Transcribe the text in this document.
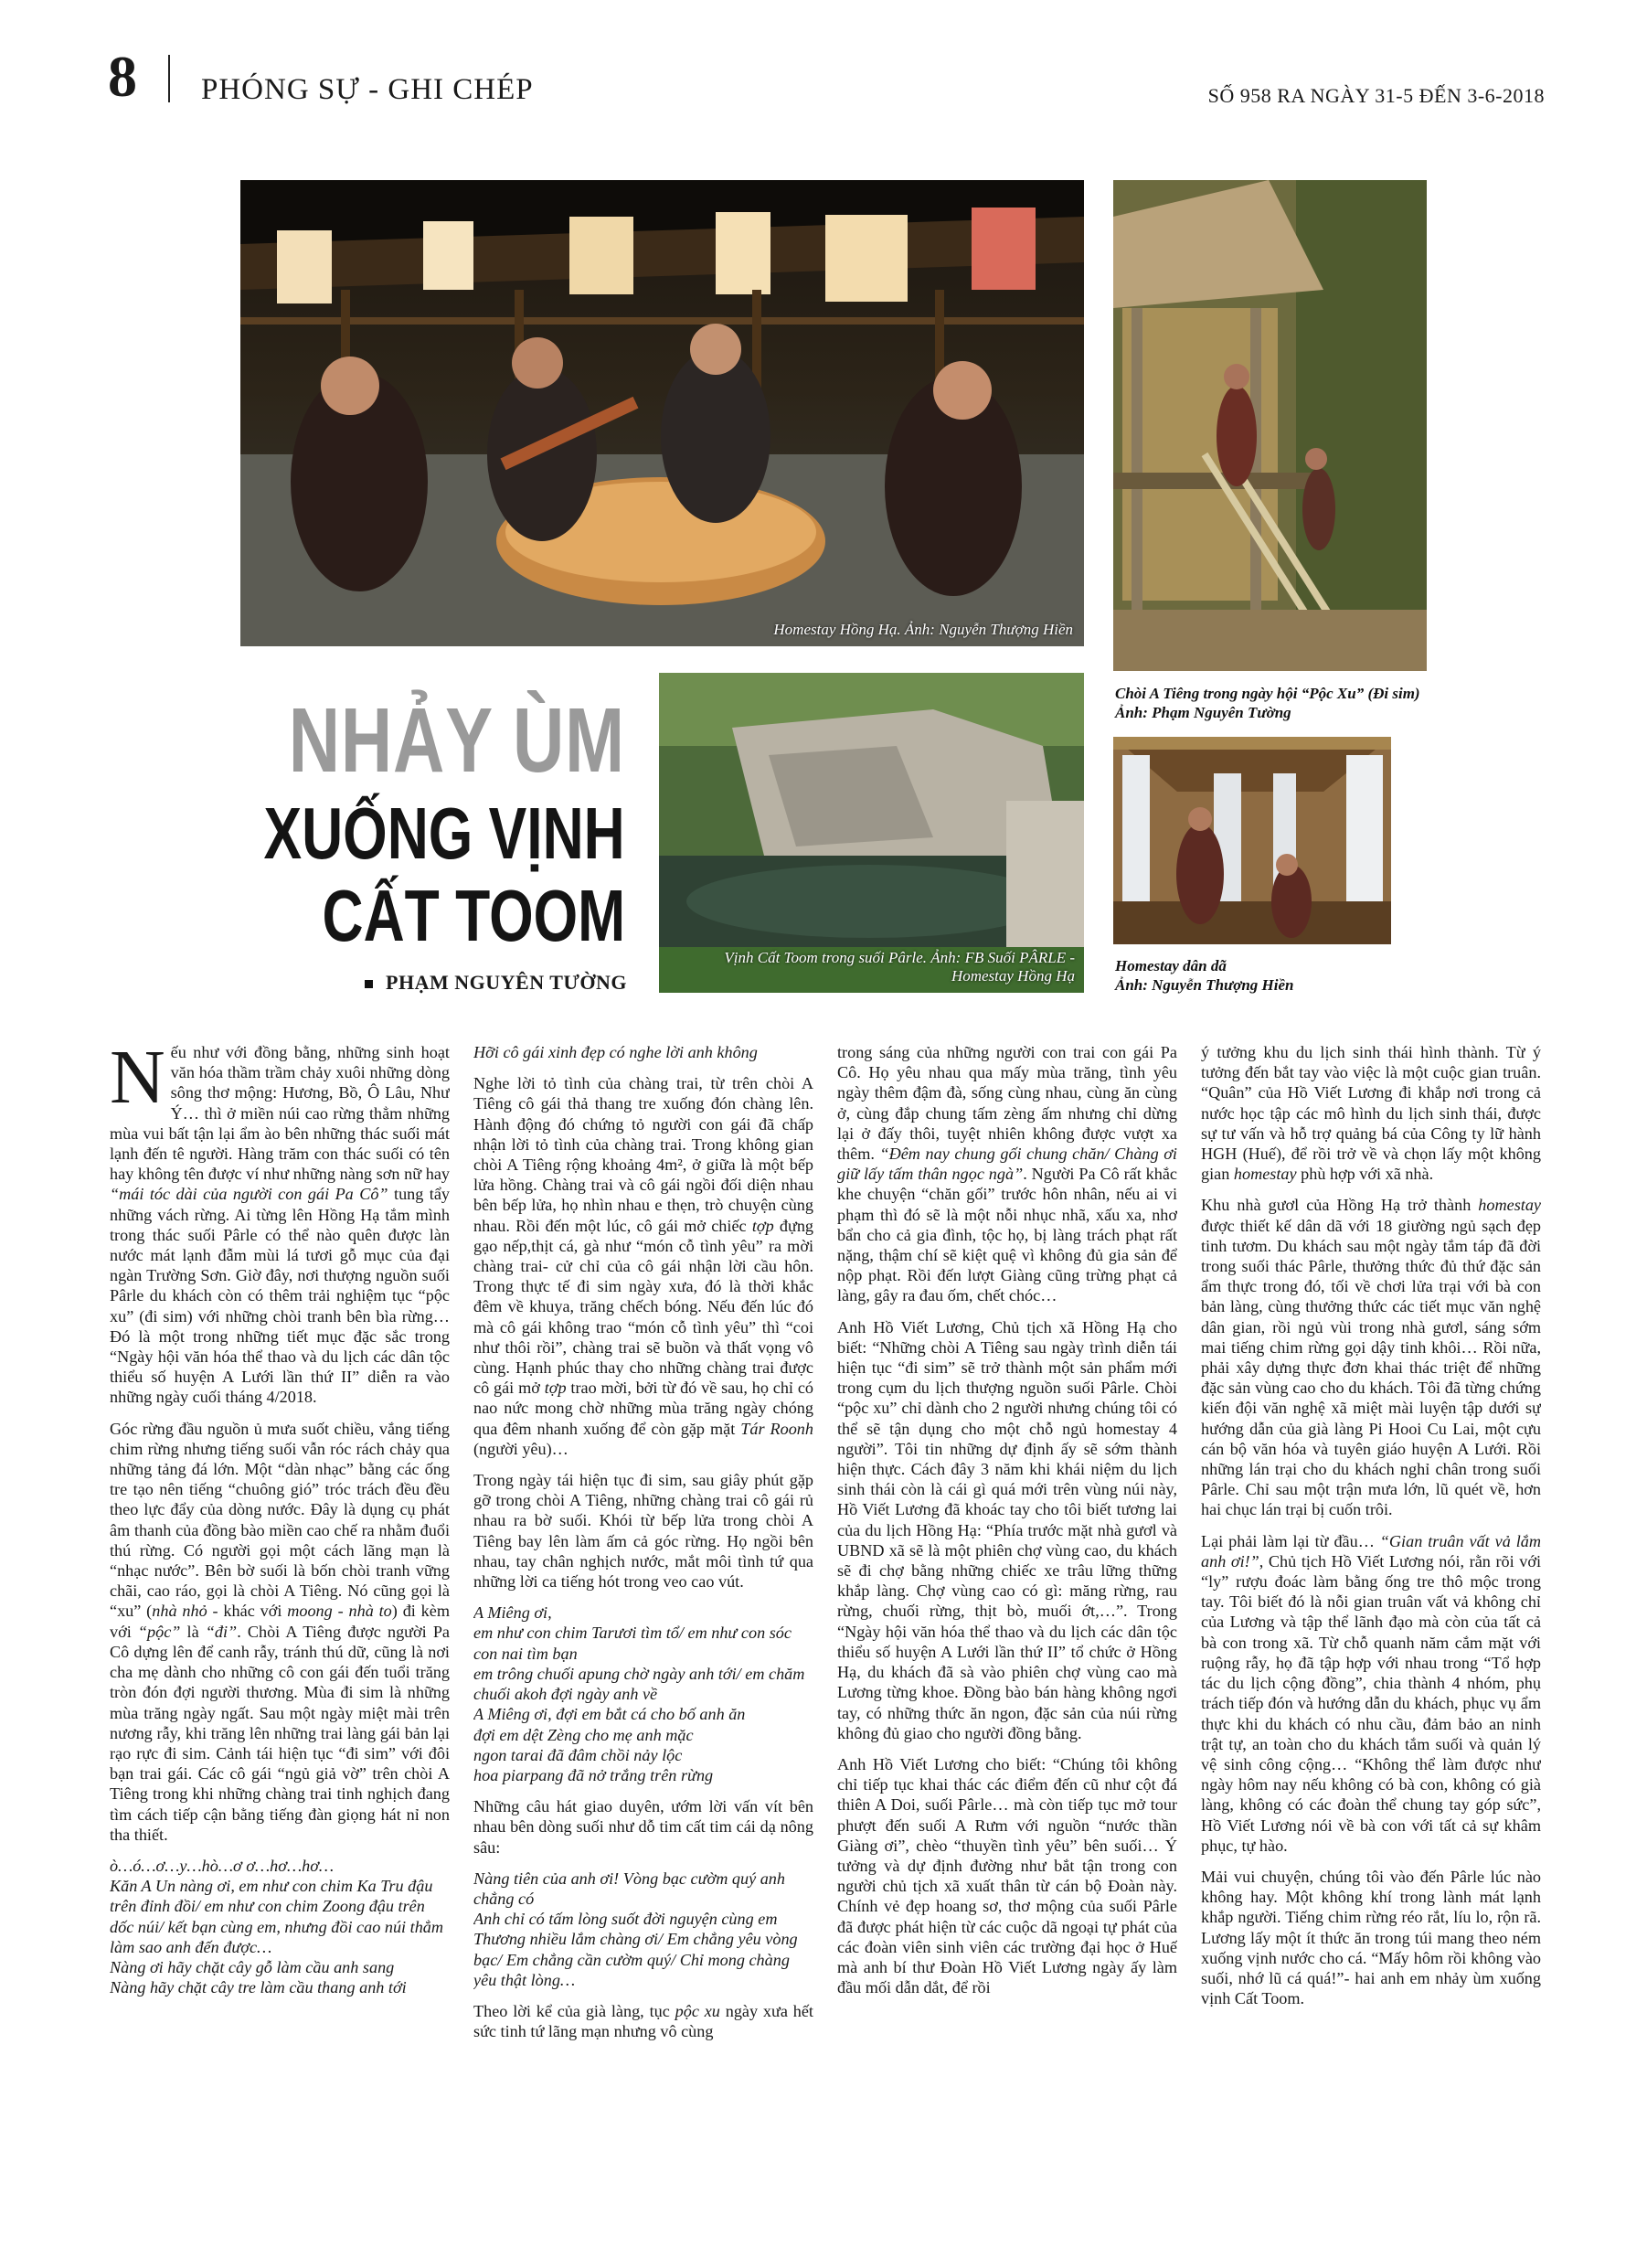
8 PHÓNG SỰ - GHI CHÉP	SỐ 958 RA NGÀY 31-5 ĐẾN 3-6-2018
Homestay Hồng Hạ. Ảnh: Nguyễn Thượng Hiền
Chòi A Tiêng trong ngày hội “Pộc Xu” (Đi sim)
Ảnh: Phạm Nguyên Tường
NHẢY ÙM
XUỐNG VỊNH
CẤT TOOM
PHẠM NGUYÊN TƯỜNG
Vịnh Cất Toom trong suối Pârle. Ảnh: FB Suối PÂRLE -
Homestay Hồng Hạ
Homestay dân dã
Ảnh: Nguyễn Thượng Hiền

Nếu như với đồng bằng, những sinh hoạt văn hóa thầm trầm chảy xuôi những dòng sông thơ mộng: Hương, Bồ, Ô Lâu, Như Ý… thì ở miền núi cao rừng thẳm những mùa vui bất tận lại ẩm ào bên những thác suối mát lạnh đến tê người. Hàng trăm con thác suối có tên hay không tên được ví như những nàng sơn nữ hay “mái tóc dài của người con gái Pa Cô” tung tẩy những vách rừng. Ai từng lên Hồng Hạ tắm mình trong thác suối Pârle có thể nào quên được làn nước mát lạnh đẫm mùi lá tươi gỗ mục của đại ngàn Trường Sơn. Giờ đây, nơi thượng nguồn suối Pârle du khách còn có thêm trải nghiệm tục “pộc xu” (đi sim) với những chòi tranh bên bìa rừng… Đó là một trong những tiết mục đặc sắc trong “Ngày hội văn hóa thể thao và du lịch các dân tộc thiểu số huyện A Lưới lần thứ II” diễn ra vào những ngày cuối tháng 4/2018.

Góc rừng đầu nguồn ủ mưa suốt chiều, vắng tiếng chim rừng nhưng tiếng suối vẫn róc rách chảy qua những tảng đá lớn. Một “dàn nhạc” bằng các ống tre tạo nên tiếng “chuông gió” tróc trách đều đều theo lực đẩy của dòng nước. Đây là dụng cụ phát âm thanh của đồng bào miền cao chế ra nhằm đuổi thú rừng. Có người gọi một cách lãng mạn là “nhạc nước”. Bên bờ suối là bốn chòi tranh vững chãi, cao ráo, gọi là chòi A Tiêng. Nó cũng gọi là “xu” (nhà nhỏ - khác với moong - nhà to) đi kèm với “pộc” là “đi”. Chòi A Tiêng được người Pa Cô dựng lên để canh rẫy, tránh thú dữ, cũng là nơi cha mẹ dành cho những cô con gái đến tuổi trăng tròn đón đợi người thương. Mùa đi sim là những mùa trăng ngày ngất. Sau một ngày miệt mài trên nương rẫy, khi trăng lên những trai làng gái bản lại rạo rực đi sim. Cảnh tái hiện tục “đi sim” với đôi bạn trai gái. Các cô gái “ngủ giả vờ” trên chòi A Tiêng trong khi những chàng trai tinh nghịch đang tìm cách tiếp cận bằng tiếng đàn giọng hát nỉ non tha thiết.

ò…ó…ơ…y…hò…ơ ơ…hơ…hơ…
Kăn A Un nàng ơi, em như con chim Ka Tru đậu trên đỉnh đồi/ em như con chim Zoong đậu trên dốc núi/ kết bạn cùng em, nhưng đồi cao núi thẳm làm sao anh đến được…
Nàng ơi hãy chặt cây gỗ làm cầu anh sang
Nàng hãy chặt cây tre làm cầu thang anh tới

Hỡi cô gái xinh đẹp có nghe lời anh không

Nghe lời tỏ tình của chàng trai, từ trên chòi A Tiêng cô gái thả thang tre xuống đón chàng lên. Hành động đó chứng tỏ người con gái đã chấp nhận lời tỏ tình của chàng trai. Trong không gian chòi A Tiêng rộng khoảng 4m², ở giữa là một bếp lửa hồng. Chàng trai và cô gái ngồi đối diện nhau bên bếp lửa, họ nhìn nhau e thẹn, trò chuyện cùng nhau. Rồi đến một lúc, cô gái mở chiếc tợp đựng gạo nếp,thịt cá, gà như “món cỗ tình yêu” ra mời chàng trai- cử chỉ của cô gái nhận lời cầu hôn. Trong thực tế đi sim ngày xưa, đó là thời khắc đêm về khuya, trăng chếch bóng. Nếu đến lúc đó mà cô gái không trao “món cỗ tình yêu” thì “coi như thôi rồi”, chàng trai sẽ buồn và thất vọng vô cùng. Hạnh phúc thay cho những chàng trai được cô gái mở tợp trao mời, bởi từ đó về sau, họ chỉ có nao nức mong chờ những mùa trăng ngày chóng qua đêm nhanh xuống để còn gặp mặt Tár Roonh (người yêu)…

Trong ngày tái hiện tục đi sim, sau giây phút gặp gỡ trong chòi A Tiêng, những chàng trai cô gái rủ nhau ra bờ suối. Khói từ bếp lửa trong chòi A Tiêng bay lên làm ấm cả góc rừng. Họ ngồi bên nhau, tay chân nghịch nước, mắt môi tình tứ qua những lời ca tiếng hót trong veo cao vút.

A Miêng ơi,
em như con chim Tarươi tìm tổ/ em như con sóc con nai tìm bạn
em trông chuối apung chờ ngày anh tới/ em chăm chuối akoh đợi ngày anh về
A Miêng ơi, đợi em bắt cá cho bố anh ăn
đợi em dệt Zèng cho mẹ anh mặc
ngon tarai đã đâm chồi nảy lộc
hoa piarpang đã nở trắng trên rừng

Những câu hát giao duyên, ướm lời vấn vít bên nhau bên dòng suối như dỗ tim cất tim cái dạ nông sâu:

Nàng tiên của anh ơi! Vòng bạc cườm quý anh chẳng có
Anh chỉ có tấm lòng suốt đời nguyện cùng em
Thương nhiều lắm chàng ơi/ Em chẳng yêu vòng bạc/ Em chẳng cần cườm quý/ Chỉ mong chàng yêu thật lòng…

Theo lời kể của già làng, tục pộc xu ngày xưa hết sức tinh tứ lãng mạn nhưng vô cùng

trong sáng của những người con trai con gái Pa Cô. Họ yêu nhau qua mấy mùa trăng, tình yêu ngày thêm đậm đà, sống cùng nhau, cùng ăn cùng ở, cùng đắp chung tấm zèng ấm nhưng chỉ dừng lại ở đấy thôi, tuyệt nhiên không được vượt xa thêm. “Đêm nay chung gối chung chăn/ Chàng ơi giữ lấy tấm thân ngọc ngà”. Người Pa Cô rất khắc khe chuyện “chăn gối” trước hôn nhân, nếu ai vi phạm thì đó sẽ là một nỗi nhục nhã, xấu xa, nhơ bẩn cho cả gia đình, tộc họ, bị làng trách phạt rất nặng, thậm chí sẽ kiệt quệ vì không đủ gia sản để nộp phạt. Rồi đến lượt Giàng cũng trừng phạt cả làng, gây ra đau ốm, chết chóc…

Anh Hồ Viết Lương, Chủ tịch xã Hồng Hạ cho biết: “Những chòi A Tiêng sau ngày trình diễn tái hiện tục “đi sim” sẽ trở thành một sản phẩm mới trong cụm du lịch thượng nguồn suối Pârle. Chòi “pộc xu” chỉ dành cho 2 người nhưng chúng tôi có thể sẽ tận dụng cho một chỗ ngủ homestay 4 người”. Tôi tin những dự định ấy sẽ sớm thành hiện thực. Cách đây 3 năm khi khái niệm du lịch sinh thái còn là cái gì quá mới trên vùng núi này, Hồ Viết Lương đã khoác tay cho tôi biết tương lai của du lịch Hồng Hạ: “Phía trước mặt nhà gươl và UBND xã sẽ là một phiên chợ vùng cao, du khách sẽ đi chợ bằng những chiếc xe trâu lững thững khắp làng. Chợ vùng cao có gì: măng rừng, rau rừng, chuối rừng, thịt bò, muối ớt,…”. Trong “Ngày hội văn hóa thể thao và du lịch các dân tộc thiểu số huyện A Lưới lần thứ II” tổ chức ở Hồng Hạ, du khách đã sà vào phiên chợ vùng cao mà Lương từng khoe. Đồng bào bán hàng không ngơi tay, có những thức ăn ngon, đặc sản của núi rừng không đủ giao cho người đồng bằng.

Anh Hồ Viết Lương cho biết: “Chúng tôi không chỉ tiếp tục khai thác các điểm đến cũ như cột đá thiên A Doi, suối Pârle… mà còn tiếp tục mở tour phượt đến suối A Rưm với nguồn “nước thần Giàng ơi”, chèo “thuyền tình yêu” bên suối… Ý tưởng và dự định đường như bắt tận trong con người chủ tịch xã xuất thân từ cán bộ Đoàn này. Chính vẻ đẹp hoang sơ, thơ mộng của suối Pârle đã được phát hiện từ các cuộc dã ngoại tự phát của các đoàn viên sinh viên các trường đại học ở Huế mà anh bí thư Đoàn Hồ Viết Lương ngày ấy làm đầu mối dẫn dắt, để rồi

ý tưởng khu du lịch sinh thái hình thành. Từ ý tưởng đến bắt tay vào việc là một cuộc gian truân. “Quân” của Hồ Viết Lương đi khắp nơi trong cả nước học tập các mô hình du lịch sinh thái, được sự tư vấn và hỗ trợ quảng bá của Công ty lữ hành HGH (Huế), để rồi trở về và chọn lấy một không gian homestay phù hợp với xã nhà.

Khu nhà gươl của Hồng Hạ trở thành homestay được thiết kế dân dã với 18 giường ngủ sạch đẹp tinh tươm. Du khách sau một ngày tắm táp đã đời trong suối thác Pârle, thưởng thức đủ thứ đặc sản ẩm thực trong đó, tối về chơi lửa trại với bà con bản làng, cùng thưởng thức các tiết mục văn nghệ dân gian, rồi ngủ vùi trong nhà gươl, sáng sớm mai tiếng chim rừng gọi dậy tinh khôi… Rồi nữa, phải xây dựng thực đơn khai thác triệt để những đặc sản vùng cao cho du khách. Tôi đã từng chứng kiến đội văn nghệ xã miệt mài luyện tập dưới sự hướng dẫn của già làng Pi Hooi Cu Lai, một cựu cán bộ văn hóa và tuyên giáo huyện A Lưới. Rồi những lán trại cho du khách nghỉ chân trong suối Pârle. Chỉ sau một trận mưa lớn, lũ quét về, hơn hai chục lán trại bị cuốn trôi.

Lại phải làm lại từ đầu… “Gian truân vất vả lắm anh ơi!”, Chủ tịch Hồ Viết Lương nói, rằn rõi với “ly” rượu đoác làm bằng ống tre thô mộc trong tay. Tôi biết đó là nỗi gian truân vất vả không chỉ của Lương và tập thể lãnh đạo mà còn của tất cả bà con trong xã. Từ chỗ quanh năm cắm mặt với ruộng rẫy, họ đã tập hợp với nhau trong “Tổ hợp tác du lịch cộng đồng”, chia thành 4 nhóm, phụ trách tiếp đón và hướng dẫn du khách, phục vụ ẩm thực khi du khách có nhu cầu, đảm bảo an ninh trật tự, an toàn cho du khách tắm suối và quản lý vệ sinh công cộng… “Không thể làm được như ngày hôm nay nếu không có bà con, không có già làng, không có các đoàn thể chung tay góp sức”, Hồ Viết Lương nói về bà con với tất cả sự khâm phục, tự hào.

Mải vui chuyện, chúng tôi vào đến Pârle lúc nào không hay. Một không khí trong lành mát lạnh khắp người. Tiếng chim rừng réo rắt, líu lo, rộn rã. Lương lấy một ít thức ăn trong túi mang theo ném xuống vịnh nước cho cá. “Mấy hôm rồi không vào suối, nhớ lũ cá quá!”- hai anh em nhảy ùm xuống vịnh Cất Toom.
